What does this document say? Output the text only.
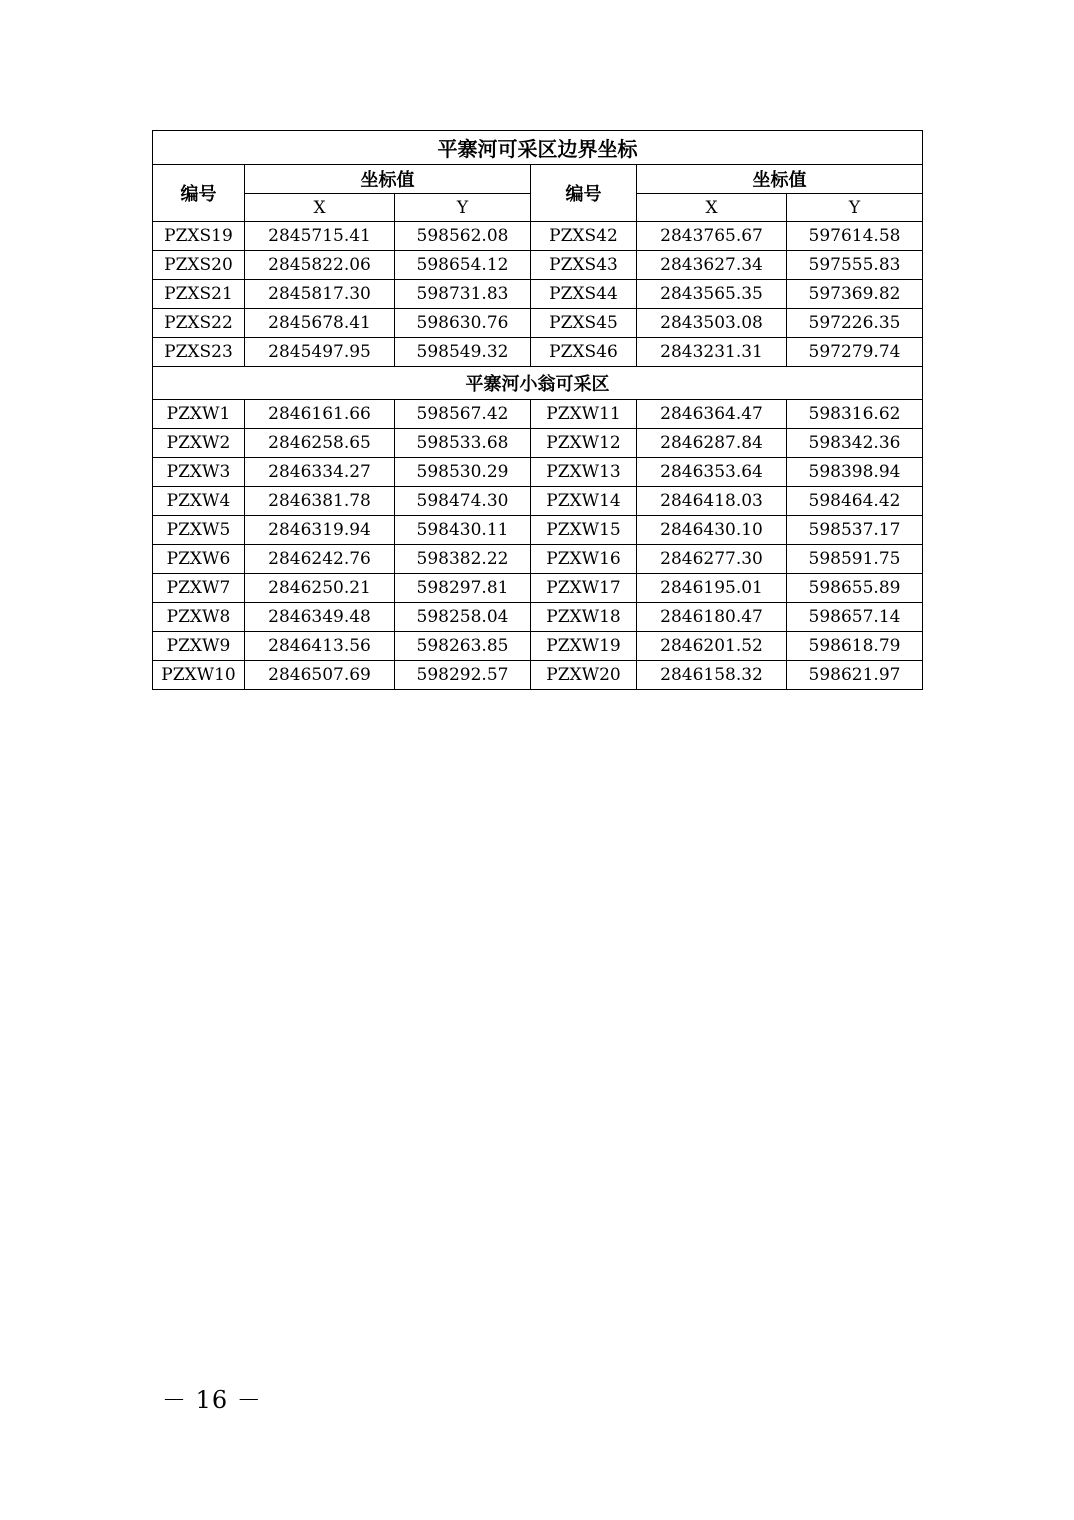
平寨河可采区边界坐标					
编号	坐标值		编号	坐标值	
	X	Y		X	Y
PZXS19	2845715.41	598562.08	PZXS42	2843765.67	597614.58
PZXS20	2845822.06	598654.12	PZXS43	2843627.34	597555.83
PZXS21	2845817.30	598731.83	PZXS44	2843565.35	597369.82
PZXS22	2845678.41	598630.76	PZXS45	2843503.08	597226.35
PZXS23	2845497.95	598549.32	PZXS46	2843231.31	597279.74
平寨河小翁可采区					
PZXW1	2846161.66	598567.42	PZXW11	2846364.47	598316.62
PZXW2	2846258.65	598533.68	PZXW12	2846287.84	598342.36
PZXW3	2846334.27	598530.29	PZXW13	2846353.64	598398.94
PZXW4	2846381.78	598474.30	PZXW14	2846418.03	598464.42
PZXW5	2846319.94	598430.11	PZXW15	2846430.10	598537.17
PZXW6	2846242.76	598382.22	PZXW16	2846277.30	598591.75
PZXW7	2846250.21	598297.81	PZXW17	2846195.01	598655.89
PZXW8	2846349.48	598258.04	PZXW18	2846180.47	598657.14
PZXW9	2846413.56	598263.85	PZXW19	2846201.52	598618.79
PZXW10	2846507.69	598292.57	PZXW20	2846158.32	598621.97
－ 16 －
